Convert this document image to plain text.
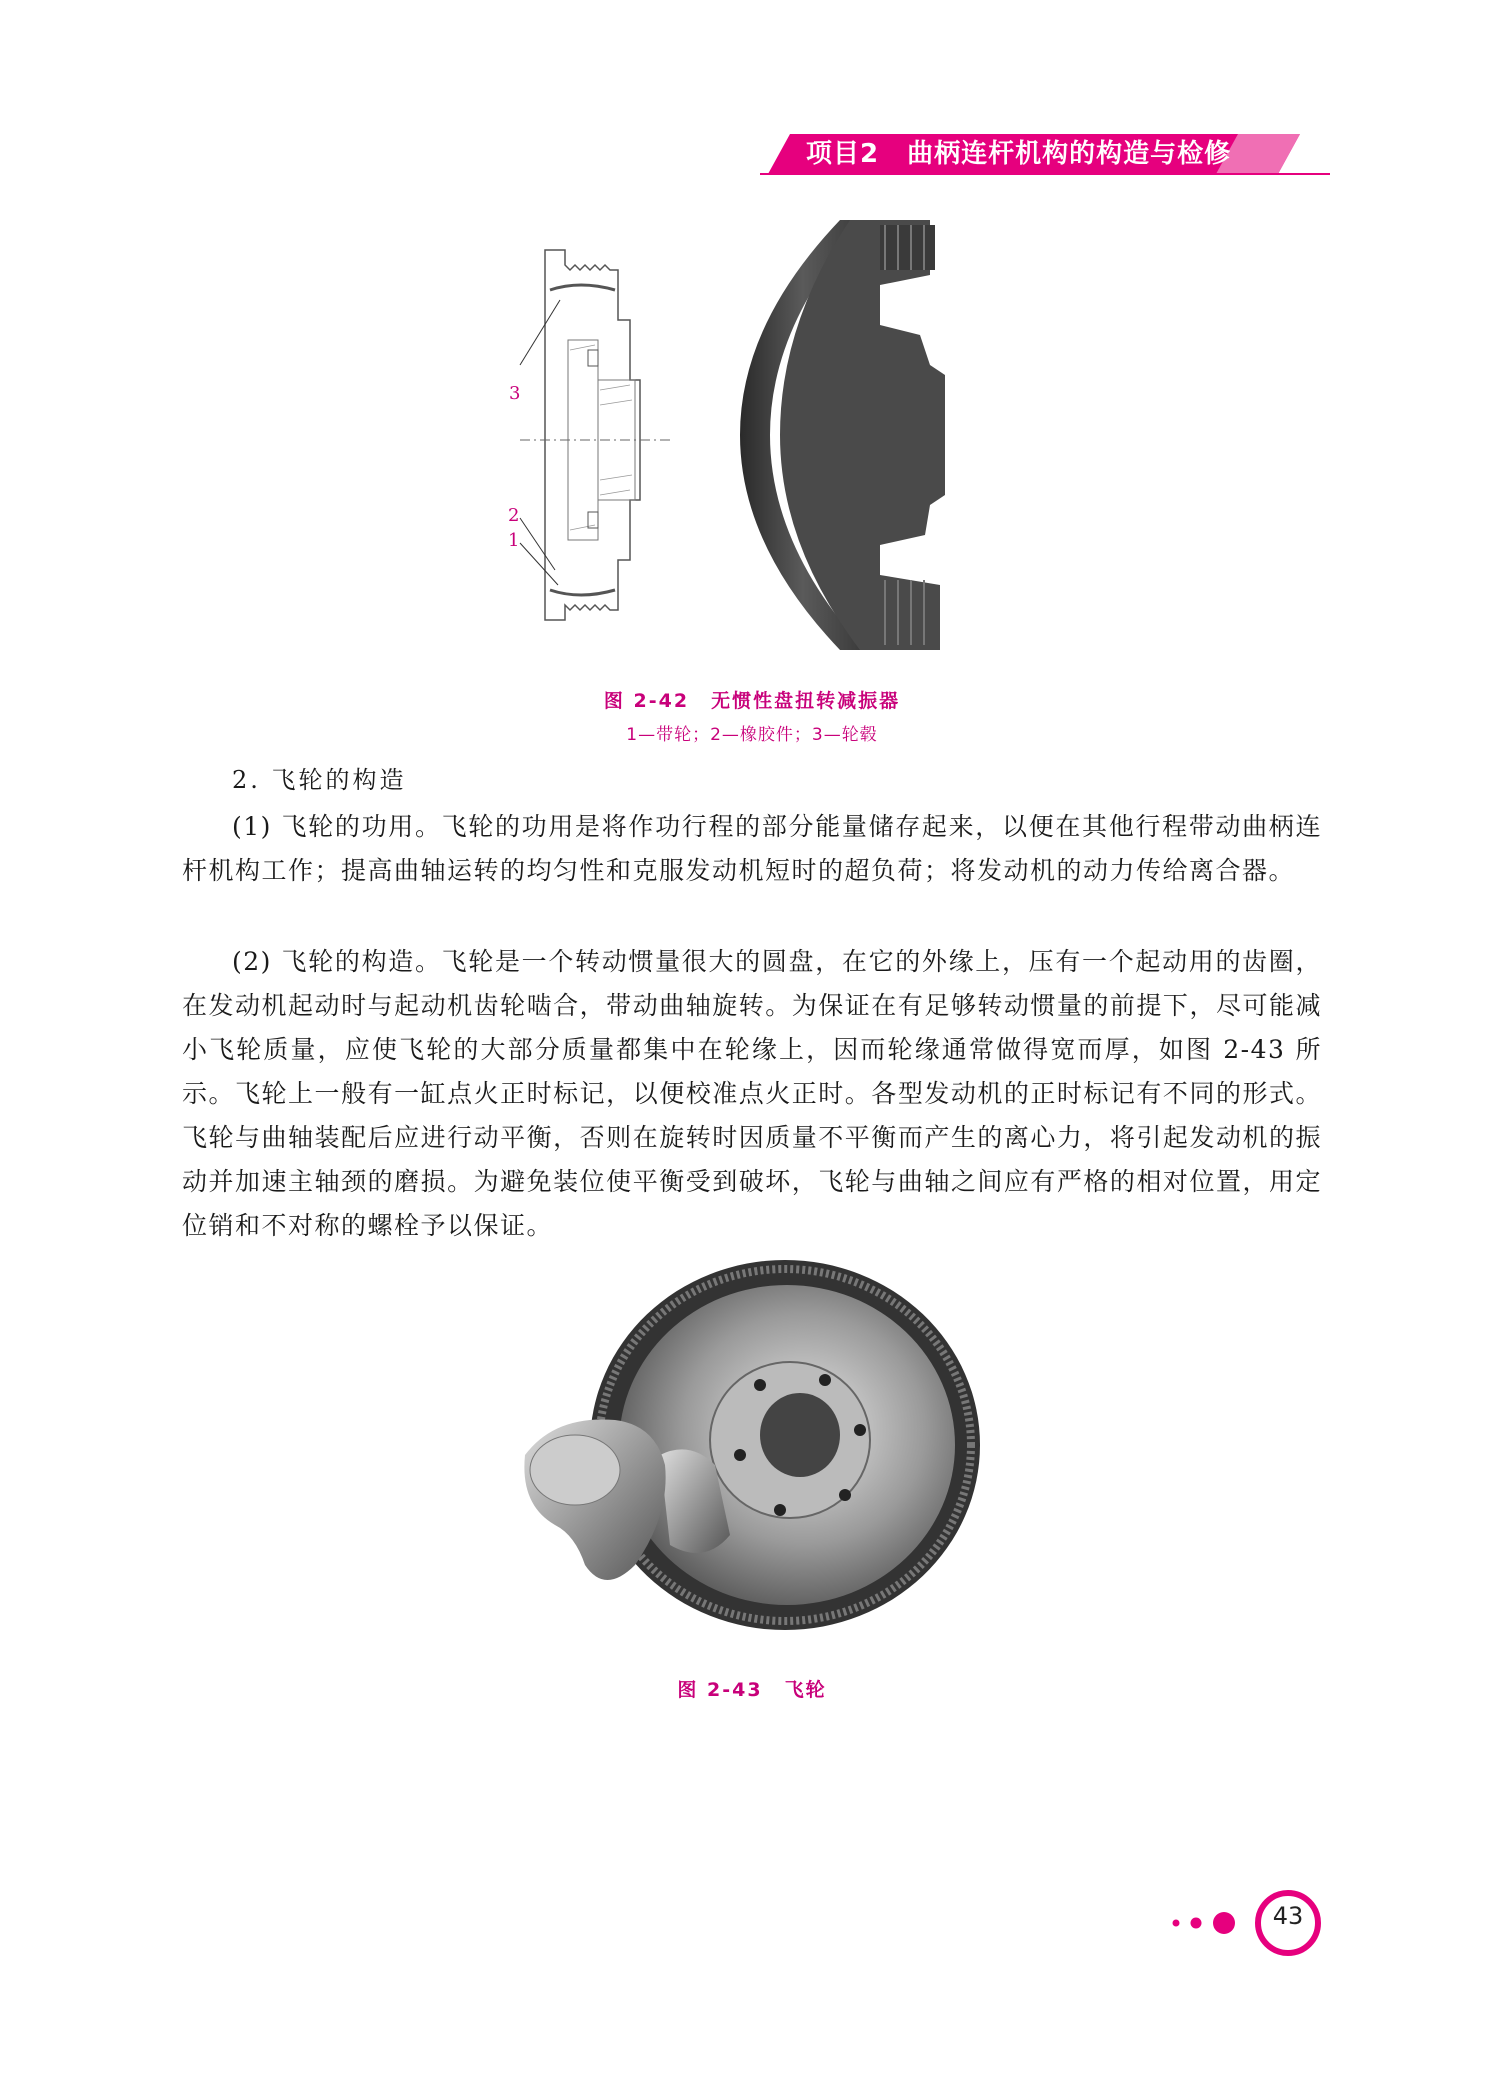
项目2 曲柄连杆机构的构造与检修
3
2
1
图 2-42 无惯性盘扭转减振器
1—带轮；2—橡胶件；3—轮毂
2. 飞轮的构造
(1) 飞轮的功用。飞轮的功用是将作功行程的部分能量储存起来，以便在其他行程带动曲柄连杆机构工作；提高曲轴运转的均匀性和克服发动机短时的超负荷；将发动机的动力传给离合器。
(2) 飞轮的构造。飞轮是一个转动惯量很大的圆盘，在它的外缘上，压有一个起动用的齿圈，在发动机起动时与起动机齿轮啮合，带动曲轴旋转。为保证在有足够转动惯量的前提下，尽可能减小飞轮质量，应使飞轮的大部分质量都集中在轮缘上，因而轮缘通常做得宽而厚，如图 2-43 所示。飞轮上一般有一缸点火正时标记，以便校准点火正时。各型发动机的正时标记有不同的形式。飞轮与曲轴装配后应进行动平衡，否则在旋转时因质量不平衡而产生的离心力，将引起发动机的振动并加速主轴颈的磨损。为避免装位使平衡受到破坏，飞轮与曲轴之间应有严格的相对位置，用定位销和不对称的螺栓予以保证。
图 2-43 飞轮
43
